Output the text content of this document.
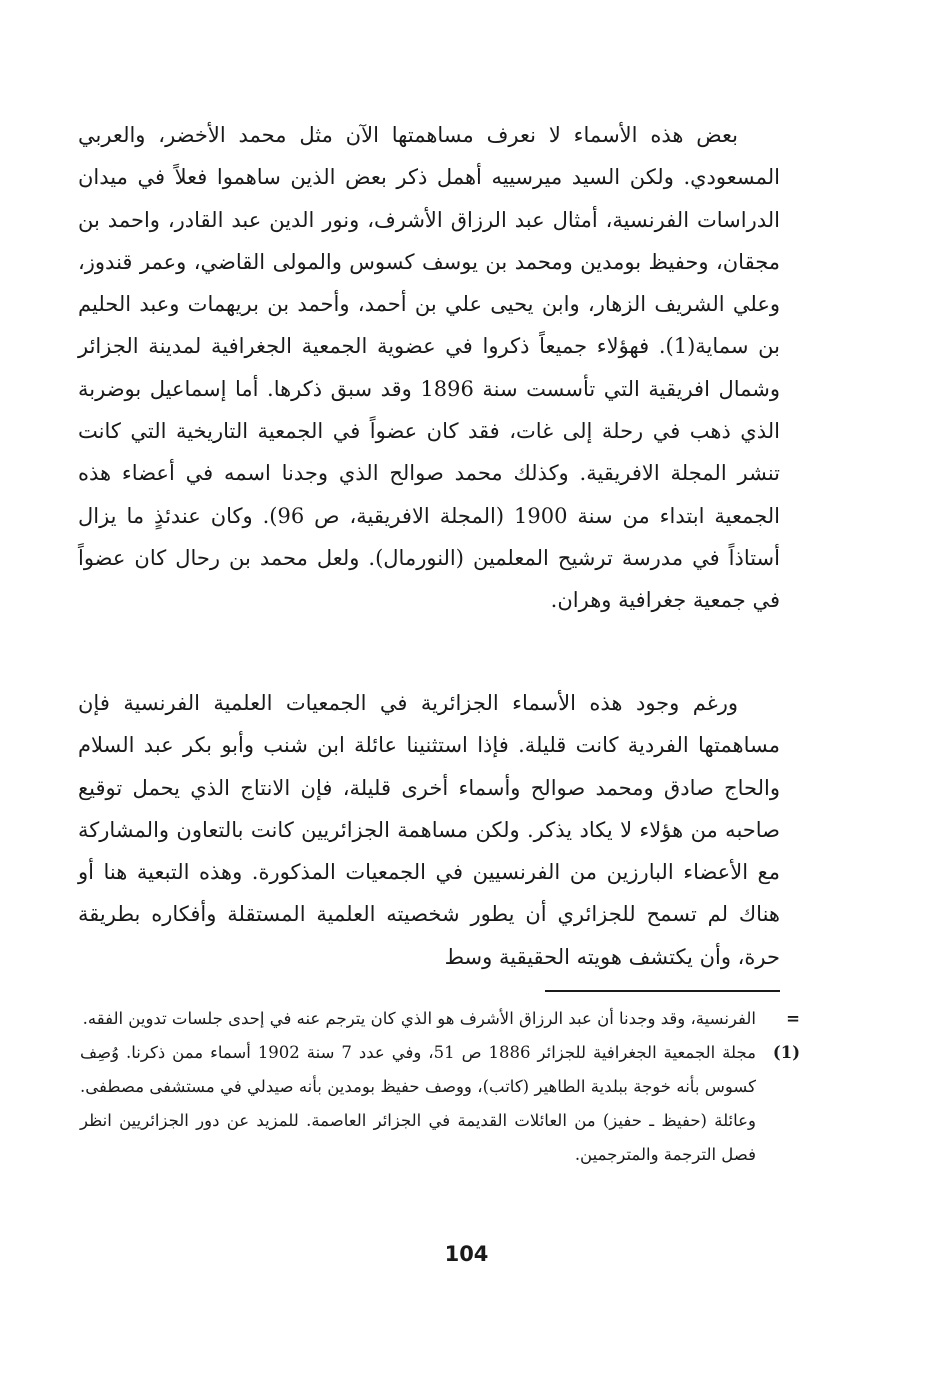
بعض هذه الأسماء لا نعرف مساهمتها الآن مثل محمد الأخضر، والعربي المسعودي. ولكن السيد ميرسييه أهمل ذكر بعض الذين ساهموا فعلاً في ميدان الدراسات الفرنسية، أمثال عبد الرزاق الأشرف، ونور الدين عبد القادر، واحمد بن مجقان، وحفيظ بومدين ومحمد بن يوسف كسوس والمولى القاضي، وعمر قندوز، وعلي الشريف الزهار، وابن يحيى علي بن أحمد، وأحمد بن بريهمات وعبد الحليم بن سماية(1). فهؤلاء جميعاً ذكروا في عضوية الجمعية الجغرافية لمدينة الجزائر وشمال افريقية التي تأسست سنة 1896 وقد سبق ذكرها. أما إسماعيل بوضربة الذي ذهب في رحلة إلى غات، فقد كان عضواً في الجمعية التاريخية التي كانت تنشر المجلة الافريقية. وكذلك محمد صوالح الذي وجدنا اسمه في أعضاء هذه الجمعية ابتداء من سنة 1900 (المجلة الافريقية، ص 96). وكان عندئذٍ ما يزال أستاذاً في مدرسة ترشيح المعلمين (النورمال). ولعل محمد بن رحال كان عضواً في جمعية جغرافية وهران.

ورغم وجود هذه الأسماء الجزائرية في الجمعيات العلمية الفرنسية فإن مساهمتها الفردية كانت قليلة. فإذا استثنينا عائلة ابن شنب وأبو بكر عبد السلام والحاج صادق ومحمد صوالح وأسماء أخرى قليلة، فإن الانتاج الذي يحمل توقيع صاحبه من هؤلاء لا يكاد يذكر. ولكن مساهمة الجزائريين كانت بالتعاون والمشاركة مع الأعضاء البارزين من الفرنسيين في الجمعيات المذكورة. وهذه التبعية هنا أو هناك لم تسمح للجزائري أن يطور شخصيته العلمية المستقلة وأفكاره بطريقة حرة، وأن يكتشف هويته الحقيقية وسط

=
الفرنسية، وقد وجدنا أن عبد الرزاق الأشرف هو الذي كان يترجم عنه في إحدى جلسات تدوين الفقه.
(1)
مجلة الجمعية الجغرافية للجزائر 1886 ص 51، وفي عدد 7 سنة 1902 أسماء ممن ذكرنا. وُصِف كسوس بأنه خوجة ببلدية الطاهير (كاتب)، ووصف حفيظ بومدين بأنه صيدلي في مستشفى مصطفى. وعائلة (حفيظ ـ حفيز) من العائلات القديمة في الجزائر العاصمة. للمزيد عن دور الجزائريين انظر فصل الترجمة والمترجمين.
104
